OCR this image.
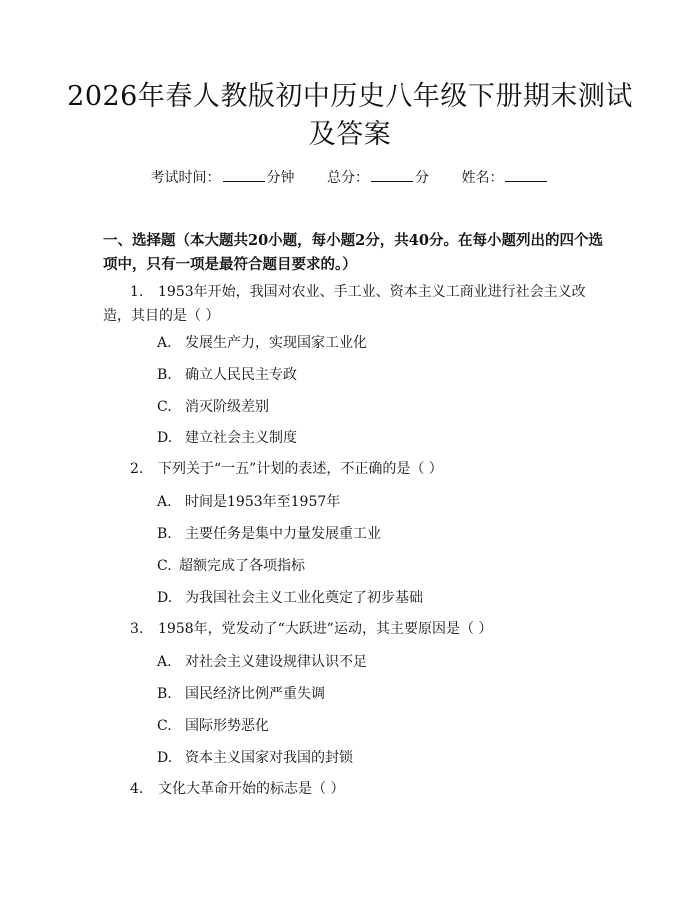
2026年春人教版初中历史八年级下册期末测试及答案
考试时间：	分钟 总分：	分 姓名：

一、选择题（本大题共20小题，每小题2分，共40分。在每小题列出的四个选项中，只有一项是最符合题目要求的。）

1. 1953年开始，我国对农业、手工业、资本主义工商业进行社会主义改造，其目的是（ ）

A. 发展生产力，实现国家工业化

B. 确立人民民主专政

C. 消灭阶级差别

D. 建立社会主义制度

2. 下列关于“一五”计划的表述，不正确的是（ ）

A. 时间是1953年至1957年

B. 主要任务是集中力量发展重工业

C. 超额完成了各项指标

D. 为我国社会主义工业化奠定了初步基础

3. 1958年，党发动了“大跃进”运动，其主要原因是（ ）

A. 对社会主义建设规律认识不足

B. 国民经济比例严重失调

C. 国际形势恶化

D. 资本主义国家对我国的封锁

4. 文化大革命开始的标志是（ ）
